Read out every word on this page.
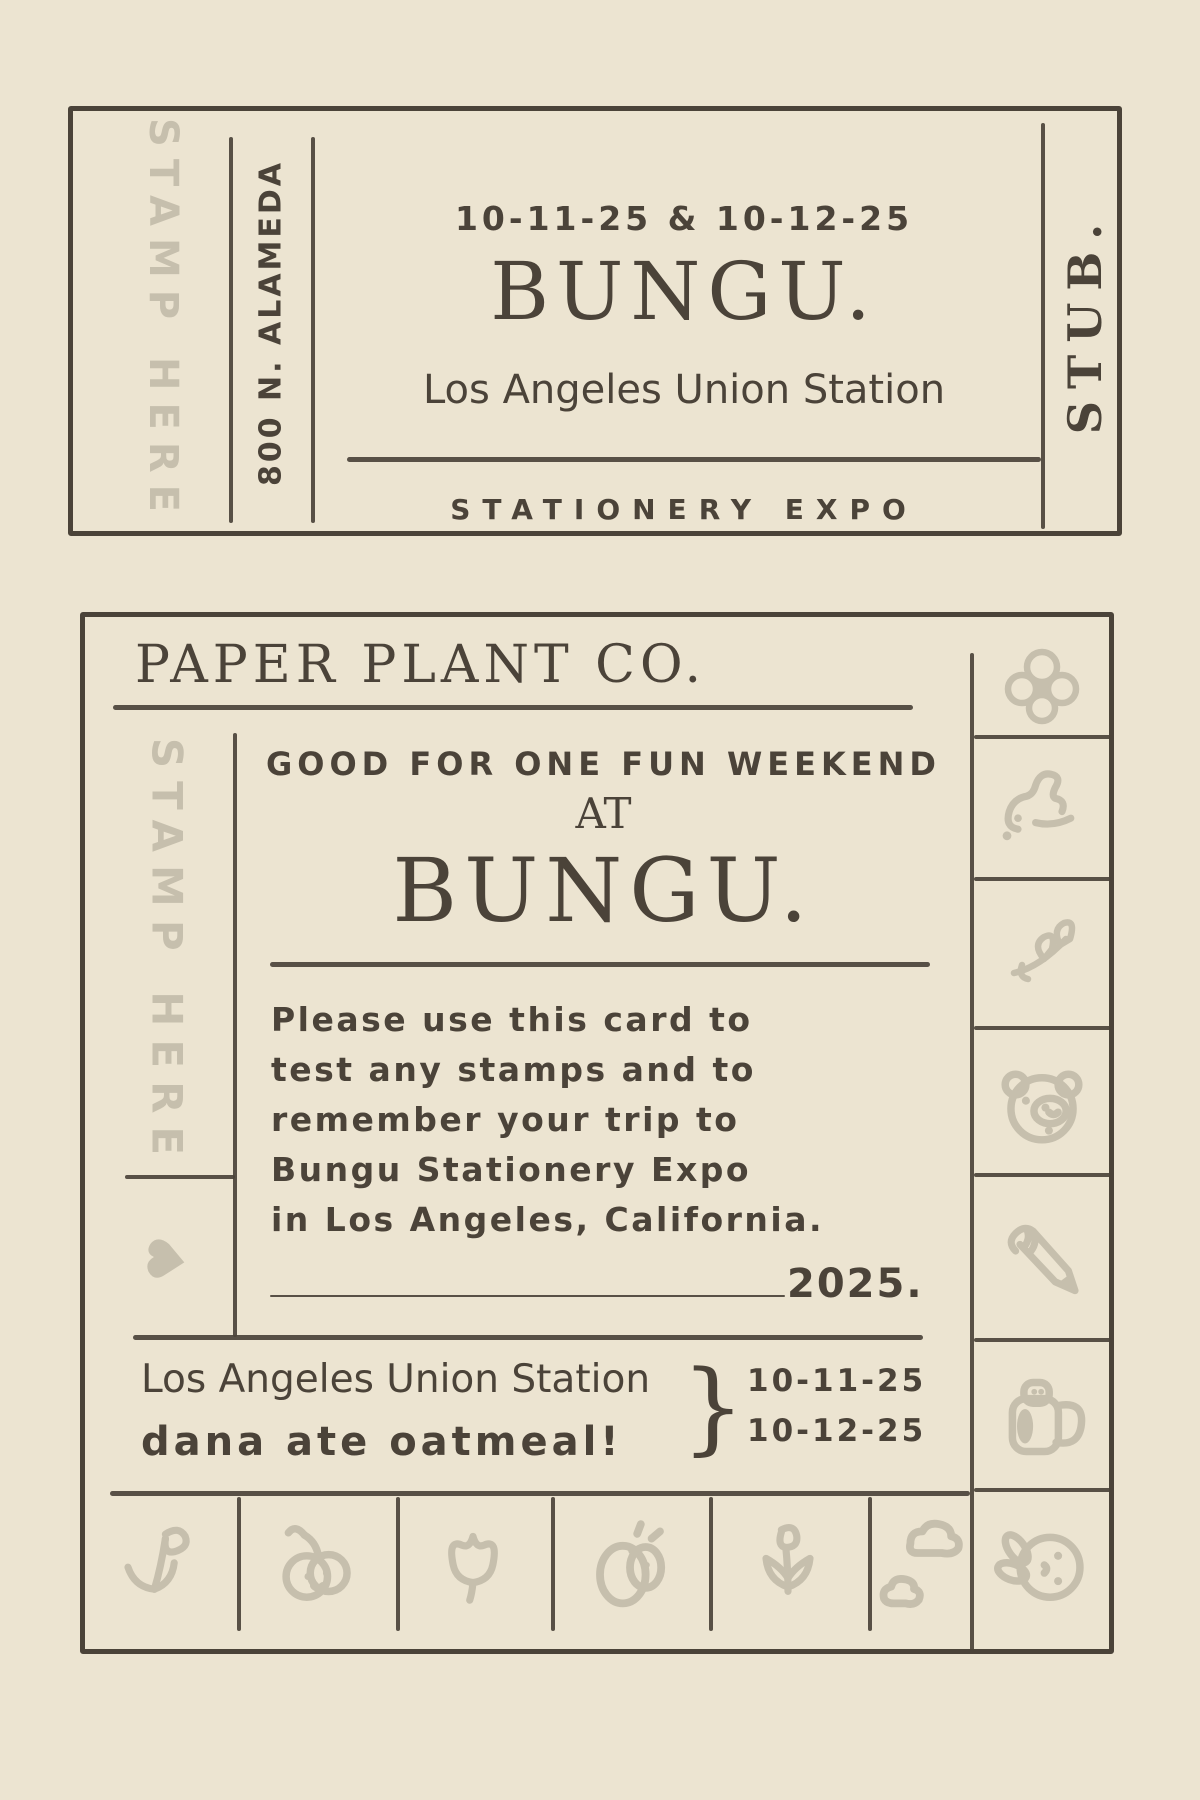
STAMP HERE 800 N. ALAMEDA	10-11-25 & 10-12-25
BUNGU.
Los Angeles Union Station
STATIONERY EXPO
STUB.
PAPER PLANT CO.
STAMP HERE	GOOD FOR ONE FUN WEEKEND
AT
BUNGU.
Please use this card to
test any stamps and to
remember your trip to
Bungu Stationery Expo
in Los Angeles, California.
2025.
Los Angeles Union Station
dana ate oatmeal! } 10-11-25
10-12-25
